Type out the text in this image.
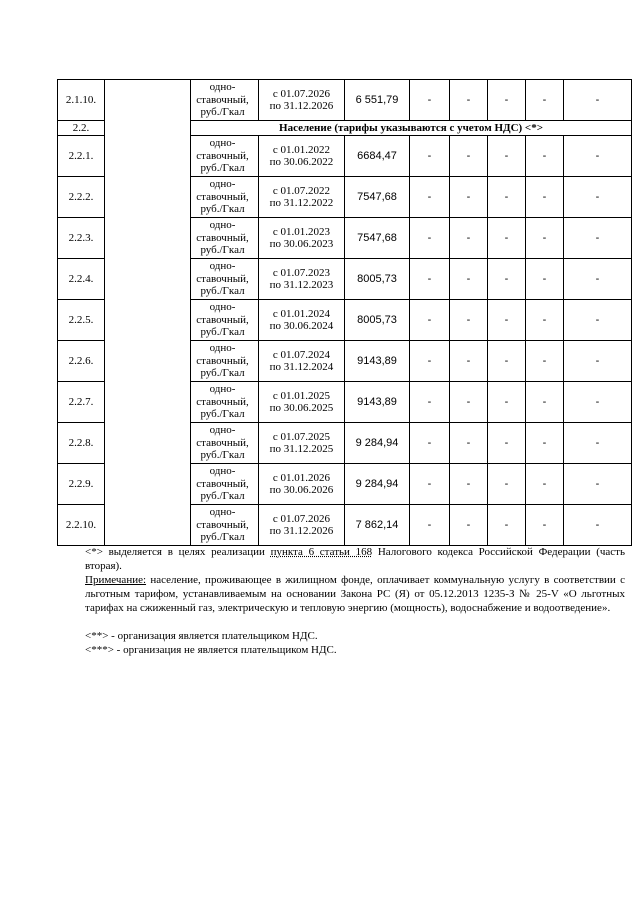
2.1.10.		одно-
ставочный,
руб./Гкал	с 01.07.2026
по 31.12.2026	6 551,79	-	-	-	-	-
2.2.		Население (тарифы указываются с учетом НДС) <*>							
2.2.1.		одно-
ставочный,
руб./Гкал	с 01.01.2022
по 30.06.2022	6684,47	-	-	-	-	-
2.2.2.		одно-
ставочный,
руб./Гкал	с 01.07.2022
по 31.12.2022	7547,68	-	-	-	-	-
2.2.3.		одно-
ставочный,
руб./Гкал	с 01.01.2023
по 30.06.2023	7547,68	-	-	-	-	-
2.2.4.		одно-
ставочный,
руб./Гкал	с 01.07.2023
по 31.12.2023	8005,73	-	-	-	-	-
2.2.5.		одно-
ставочный,
руб./Гкал	с 01.01.2024
по 30.06.2024	8005,73	-	-	-	-	-
2.2.6.		одно-
ставочный,
руб./Гкал	с 01.07.2024
по 31.12.2024	9143,89	-	-	-	-	-
2.2.7.		одно-
ставочный,
руб./Гкал	с 01.01.2025
по 30.06.2025	9143,89	-	-	-	-	-
2.2.8.		одно-
ставочный,
руб./Гкал	с 01.07.2025
по 31.12.2025	9 284,94	-	-	-	-	-
2.2.9.		одно-
ставочный,
руб./Гкал	с 01.01.2026
по 30.06.2026	9 284,94	-	-	-	-	-
2.2.10.		одно-
ставочный,
руб./Гкал	с 01.07.2026
по 31.12.2026	7 862,14	-	-	-	-	-

<*> выделяется в целях реализации пункта 6 статьи 168 Налогового кодекса Российской Федерации (часть вторая).

Примечание: население, проживающее в жилищном фонде, оплачивает коммунальную услугу в соответствии с льготным тарифом, устанавливаемым на основании Закона РС (Я) от 05.12.2013 1235-З № 25-V «О льготных тарифах на сжиженный газ, электрическую и тепловую энергию (мощность), водоснабжение и водоотведение».

<**> - организация является плательщиком НДС.

<***> - организация не является плательщиком НДС.
